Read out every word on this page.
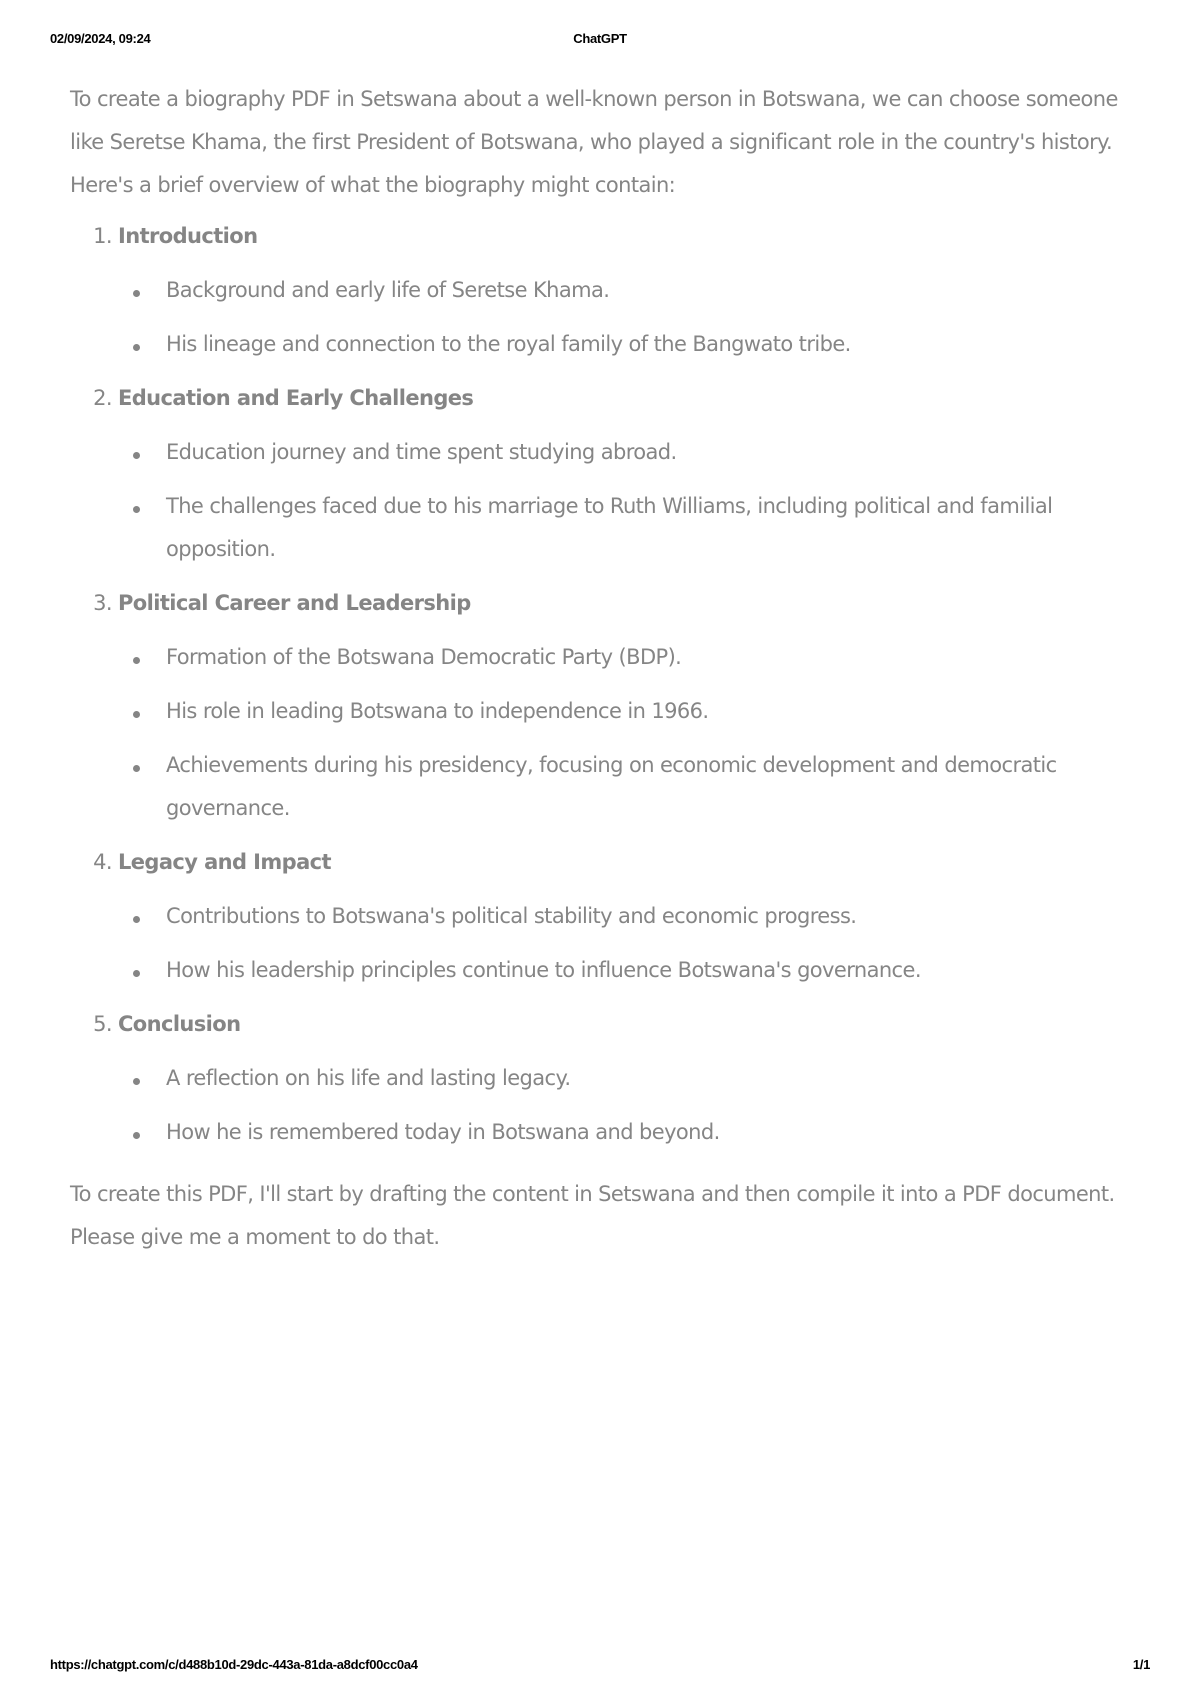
02/09/2024, 09:24	ChatGPT

To create a biography PDF in Setswana about a well-known person in Botswana, we can choose someone like Seretse Khama, the first President of Botswana, who played a significant role in the country's history. Here's a brief overview of what the biography might contain:

Introduction
Background and early life of Seretse Khama.
His lineage and connection to the royal family of the Bangwato tribe.
Education and Early Challenges
Education journey and time spent studying abroad.
The challenges faced due to his marriage to Ruth Williams, including political and familial opposition.
Political Career and Leadership
Formation of the Botswana Democratic Party (BDP).
His role in leading Botswana to independence in 1966.
Achievements during his presidency, focusing on economic development and democratic governance.
Legacy and Impact
Contributions to Botswana's political stability and economic progress.
How his leadership principles continue to influence Botswana's governance.
Conclusion
A reflection on his life and lasting legacy.
How he is remembered today in Botswana and beyond.

To create this PDF, I'll start by drafting the content in Setswana and then compile it into a PDF document. Please give me a moment to do that.

https://chatgpt.com/c/d488b10d-29dc-443a-81da-a8dcf00cc0a4	1/1
